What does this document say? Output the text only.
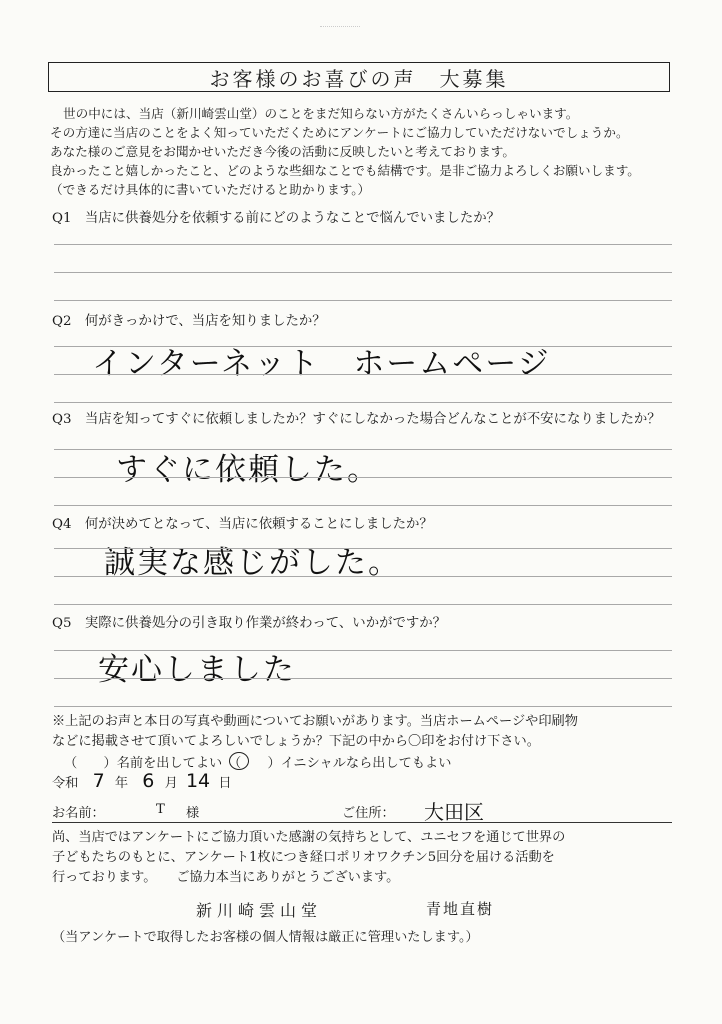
お客様のお喜びの声　大募集
世の中には、当店（新川崎雲山堂）のことをまだ知らない方がたくさんいらっしゃいます。
その方達に当店のことをよく知っていただくためにアンケートにご協力していただけないでしょうか。
あなた様のご意見をお聞かせいただき今後の活動に反映したいと考えております。
良かったこと嬉しかったこと、どのような些細なことでも結構です。是非ご協力よろしくお願いします。
（できるだけ具体的に書いていただけると助かります。）
Q1　当店に供養処分を依頼する前にどのようなことで悩んでいましたか？
Q2　何がきっかけで、当店を知りましたか？
インターネット　ホームページ
Q3　当店を知ってすぐに依頼しましたか？すぐにしなかった場合どんなことが不安になりましたか？
すぐに依頼した。
Q4　何が決めてとなって、当店に依頼することにしましたか？
誠実な感じがした。
Q5　実際に供養処分の引き取り作業が終わって、いかがですか？
安心しました
※上記のお声と本日の写真や動画についてお願いがあります。当店ホームページや印刷物
などに掲載させて頂いてよろしいでしょうか？下記の中から〇印をお付け下さい。
（　　）名前を出してよい （　　）イニシャルなら出してもよい
令和 7 年 6 月 14 日
お名前：	T 様	ご住所： 大田区
尚、当店ではアンケートにご協力頂いた感謝の気持ちとして、ユニセフを通じて世界の
子どもたちのもとに、アンケート1枚につき経口ポリオワクチン5回分を届ける活動を
行っております。　　ご協力本当にありがとうございます。
新川崎雲山堂	青地直樹
（当アンケートで取得したお客様の個人情報は厳正に管理いたします。）
